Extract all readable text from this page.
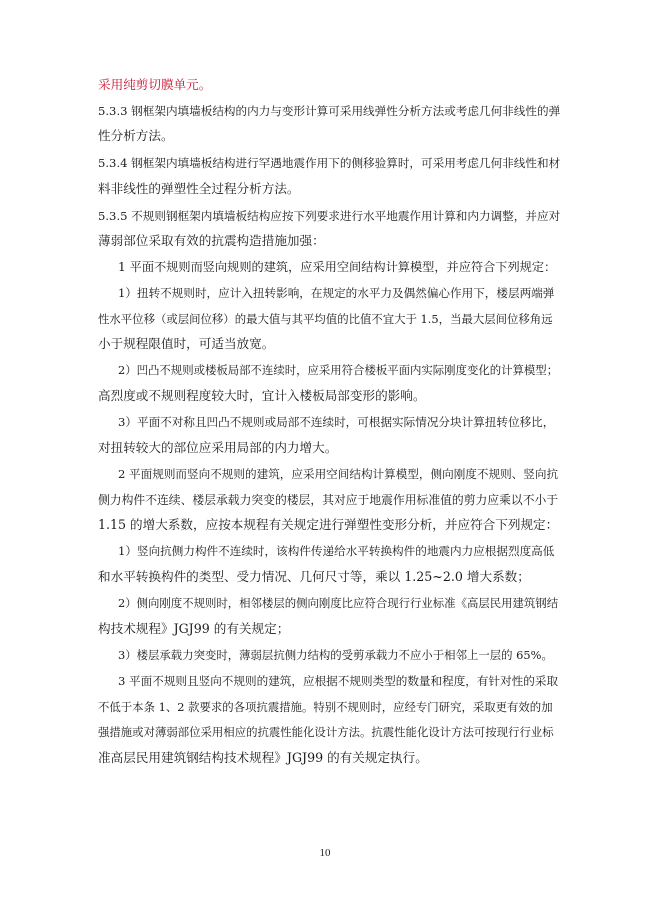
采用纯剪切膜单元。
5.3.3 钢框架内填墙板结构的内力与变形计算可采用线弹性分析方法或考虑几何非线性的弹
性分析方法。
5.3.4 钢框架内填墙板结构进行罕遇地震作用下的侧移验算时，可采用考虑几何非线性和材
料非线性的弹塑性全过程分析方法。
5.3.5 不规则钢框架内填墙板结构应按下列要求进行水平地震作用计算和内力调整，并应对
薄弱部位采取有效的抗震构造措施加强：
1 平面不规则而竖向规则的建筑，应采用空间结构计算模型，并应符合下列规定：
1）扭转不规则时，应计入扭转影响，在规定的水平力及偶然偏心作用下，楼层两端弹
性水平位移（或层间位移）的最大值与其平均值的比值不宜大于 1.5，当最大层间位移角远
小于规程限值时，可适当放宽。
2）凹凸不规则或楼板局部不连续时，应采用符合楼板平面内实际刚度变化的计算模型；
高烈度或不规则程度较大时，宜计入楼板局部变形的影响。
3）平面不对称且凹凸不规则或局部不连续时，可根据实际情况分块计算扭转位移比，
对扭转较大的部位应采用局部的内力增大。
2 平面规则而竖向不规则的建筑，应采用空间结构计算模型，侧向刚度不规则、竖向抗
侧力构件不连续、楼层承载力突变的楼层，其对应于地震作用标准值的剪力应乘以不小于
1.15 的增大系数，应按本规程有关规定进行弹塑性变形分析，并应符合下列规定：
1）竖向抗侧力构件不连续时，该构件传递给水平转换构件的地震内力应根据烈度高低
和水平转换构件的类型、受力情况、几何尺寸等，乘以 1.25~2.0 增大系数；
2）侧向刚度不规则时，相邻楼层的侧向刚度比应符合现行行业标准《高层民用建筑钢结
构技术规程》JGJ99 的有关规定；
3）楼层承载力突变时，薄弱层抗侧力结构的受剪承载力不应小于相邻上一层的 65%。
3 平面不规则且竖向不规则的建筑，应根据不规则类型的数量和程度，有针对性的采取
不低于本条 1、2 款要求的各项抗震措施。特别不规则时，应经专门研究，采取更有效的加
强措施或对薄弱部位采用相应的抗震性能化设计方法。抗震性能化设计方法可按现行行业标
准高层民用建筑钢结构技术规程》JGJ99 的有关规定执行。
10
